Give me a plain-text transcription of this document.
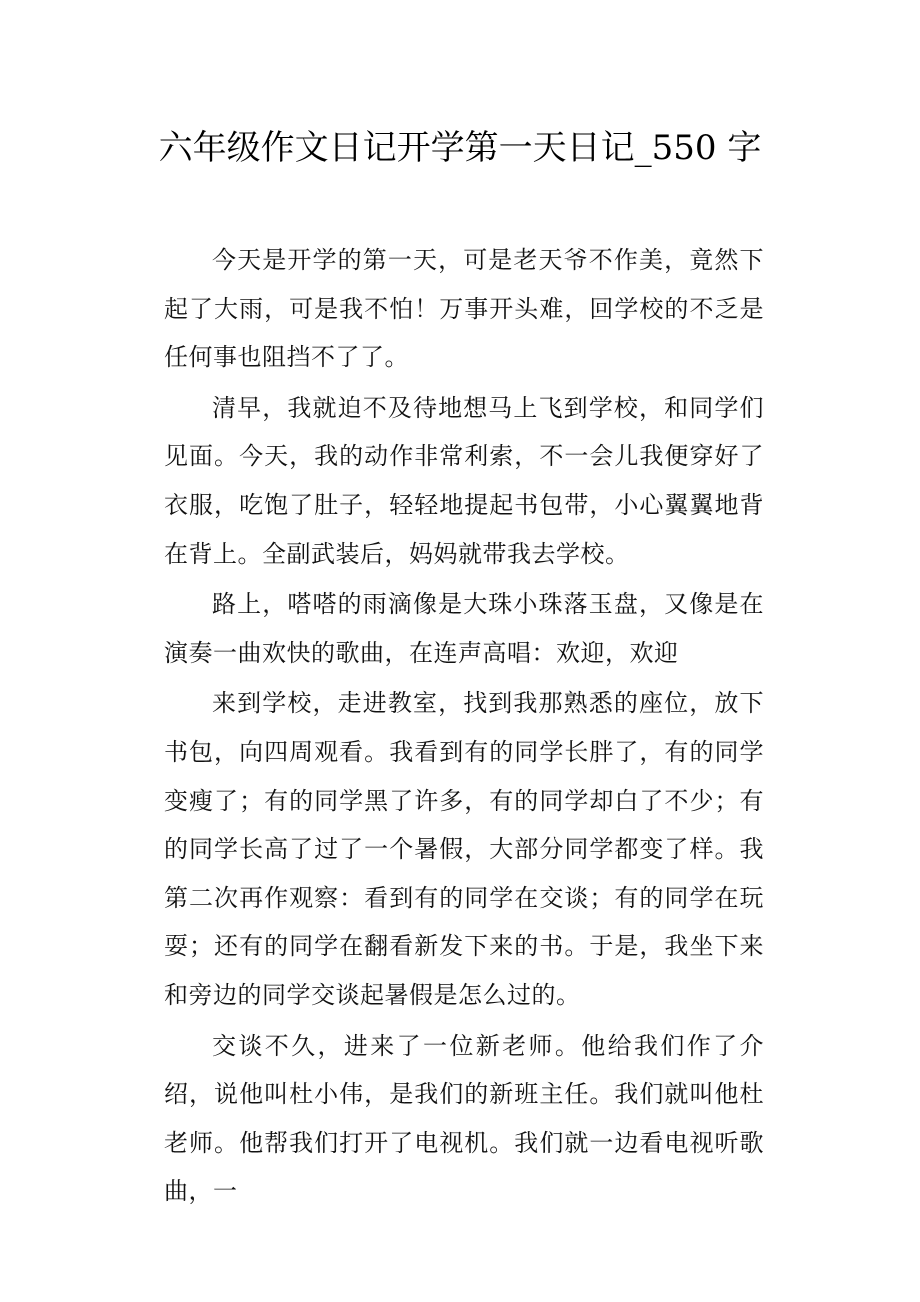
六年级作文日记开学第一天日记_550 字

今天是开学的第一天，可是老天爷不作美，竟然下起了大雨，可是我不怕！万事开头难，回学校的不乏是任何事也阻挡不了了。

清早，我就迫不及待地想马上飞到学校，和同学们见面。今天，我的动作非常利索，不一会儿我便穿好了衣服，吃饱了肚子，轻轻地提起书包带，小心翼翼地背在背上。全副武装后，妈妈就带我去学校。

路上，嗒嗒的雨滴像是大珠小珠落玉盘，又像是在演奏一曲欢快的歌曲，在连声高唱：欢迎，欢迎

来到学校，走进教室，找到我那熟悉的座位，放下书包，向四周观看。我看到有的同学长胖了，有的同学变瘦了；有的同学黑了许多，有的同学却白了不少；有的同学长高了过了一个暑假，大部分同学都变了样。我第二次再作观察：看到有的同学在交谈；有的同学在玩耍；还有的同学在翻看新发下来的书。于是，我坐下来和旁边的同学交谈起暑假是怎么过的。

交谈不久，进来了一位新老师。他给我们作了介绍，说他叫杜小伟，是我们的新班主任。我们就叫他杜老师。他帮我们打开了电视机。我们就一边看电视听歌曲，一
